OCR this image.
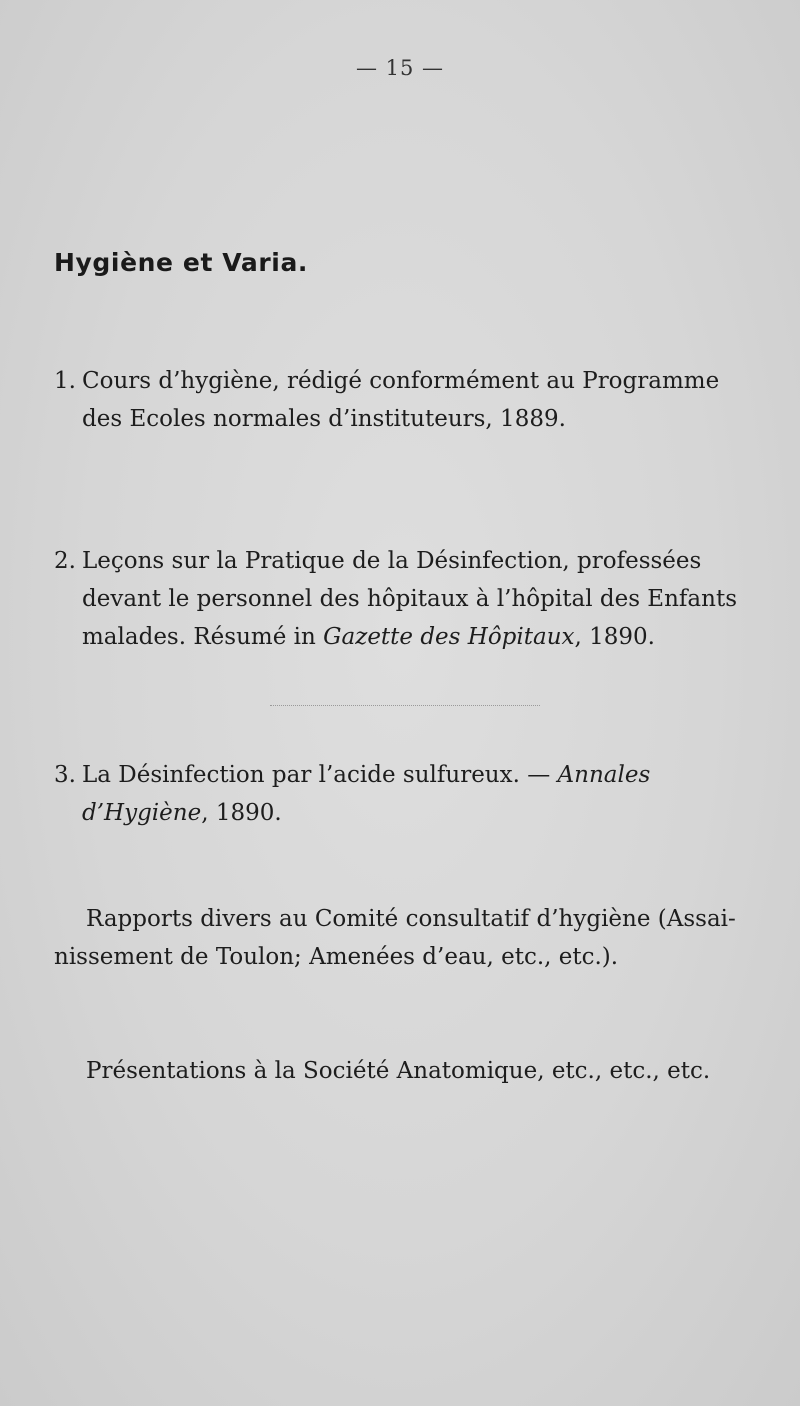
— 15 —
Hygiène et Varia.
1. Cours d’hygiène, rédigé conformément au Programme
des Ecoles normales d’instituteurs, 1889.
2. Leçons sur la Pratique de la Désinfection, professées
devant le personnel des hôpitaux à l’hôpital des Enfants
malades. Résumé in Gazette des Hôpitaux, 1890.
3. La Désinfection par l’acide sulfureux. — Annales
d’Hygiène, 1890.
Rapports divers au Comité consultatif d’hygiène (Assai-
nissement de Toulon; Amenées d’eau, etc., etc.).
Présentations à la Société Anatomique, etc., etc., etc.
